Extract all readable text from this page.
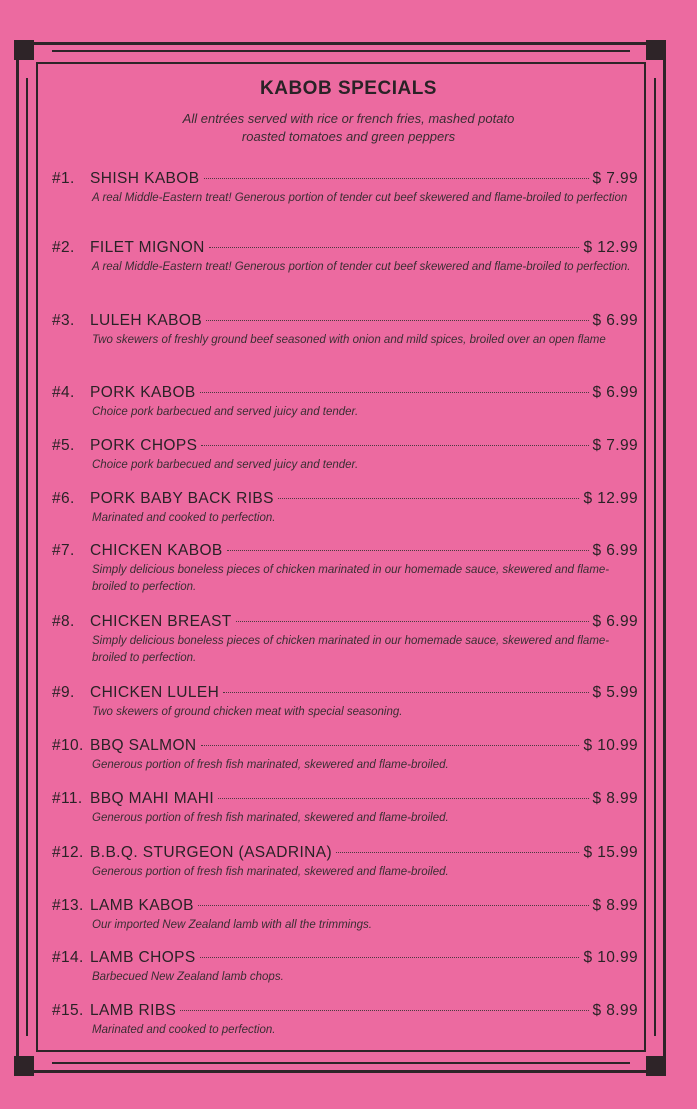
KABOB SPECIALS
All entrées served with rice or french fries, mashed potato
roasted tomatoes and green peppers
#1. SHISH KABOB	$ 7.99
A real Middle-Eastern treat! Generous portion of tender cut beef skewered and flame-broiled to perfection
#2. FILET MIGNON	$ 12.99
A real Middle-Eastern treat! Generous portion of tender cut beef skewered and flame-broiled to perfection.
#3. LULEH KABOB	$ 6.99
Two skewers of freshly ground beef seasoned with onion and mild spices, broiled over an open flame
#4. PORK KABOB	$ 6.99
Choice pork barbecued and served juicy and tender.
#5. PORK CHOPS	$ 7.99
Choice pork barbecued and served juicy and tender.
#6. PORK BABY BACK RIBS	$ 12.99
Marinated and cooked to perfection.
#7. CHICKEN KABOB	$ 6.99
Simply delicious boneless pieces of chicken marinated in our homemade sauce, skewered and flame-broiled to perfection.
#8. CHICKEN BREAST	$ 6.99
Simply delicious boneless pieces of chicken marinated in our homemade sauce, skewered and flame-broiled to perfection.
#9. CHICKEN LULEH	$ 5.99
Two skewers of ground chicken meat with special seasoning.
#10. BBQ SALMON	$ 10.99
Generous portion of fresh fish marinated, skewered and flame-broiled.
#11. BBQ MAHI MAHI	$ 8.99
Generous portion of fresh fish marinated, skewered and flame-broiled.
#12. B.B.Q. STURGEON (ASADRINA)	$ 15.99
Generous portion of fresh fish marinated, skewered and flame-broiled.
#13. LAMB KABOB	$ 8.99
Our imported New Zealand lamb with all the trimmings.
#14. LAMB CHOPS	$ 10.99
Barbecued New Zealand lamb chops.
#15. LAMB RIBS	$ 8.99
Marinated and cooked to perfection.
